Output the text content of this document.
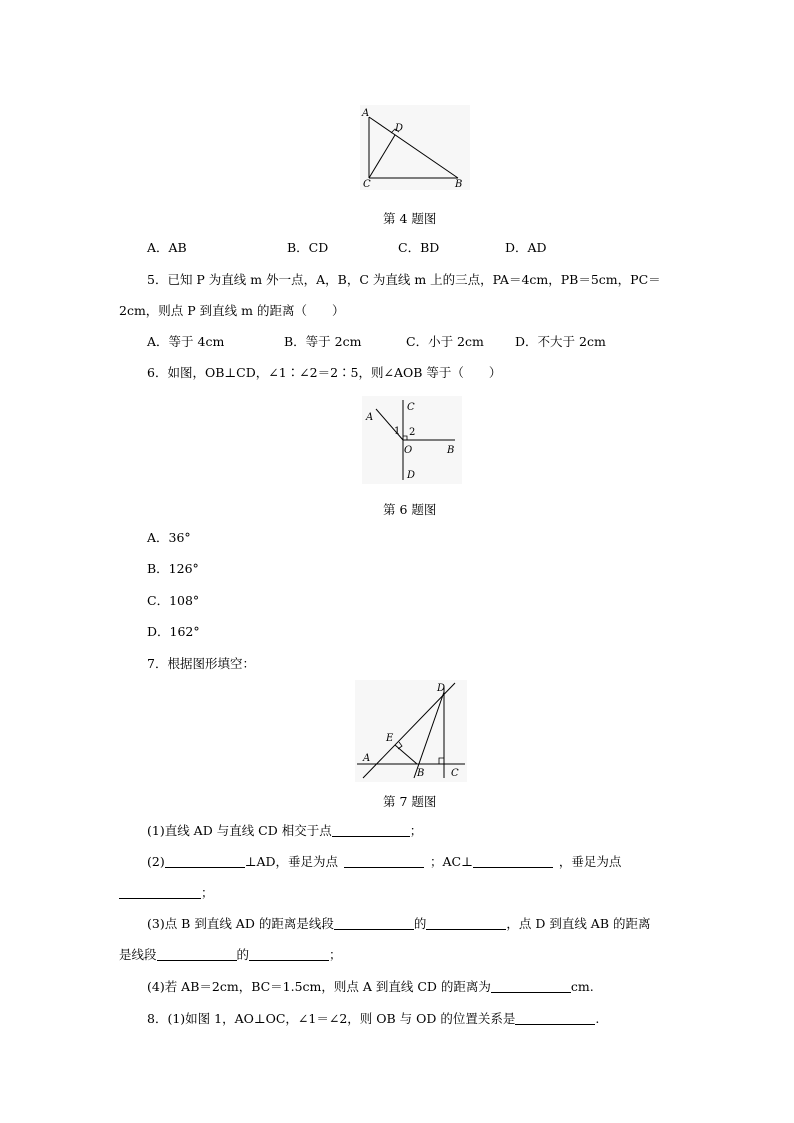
A
D
C	B
第 4 题图
A．AB	B．CD	C．BD	D．AD
5．已知 P 为直线 m 外一点，A，B，C 为直线 m 上的三点，PA＝4cm，PB＝5cm，PC＝
2cm，则点 P 到直线 m 的距离（　　）
A．等于 4cm	B．等于 2cm	C．小于 2cm D．不大于 2cm
6．如图，OB⊥CD，∠1∶∠2＝2∶5，则∠AOB 等于（　　）
A
C
1 2
O	B
D
第 6 题图
A．36°
B．126°
C．108°
D．162°
7．根据图形填空：
D
E
A
B	C
第 7 题图
(1)直线 AD 与直线 CD 相交于点	；
(2)	⊥AD，垂足为点	；AC⊥	，垂足为点
；
(3)点 B 到直线 AD 的距离是线段	的	，点 D 到直线 AB 的距离
是线段	的	；
(4)若 AB＝2cm，BC＝1.5cm，则点 A 到直线 CD 的距离为	cm.
8．(1)如图 1，AO⊥OC，∠1＝∠2，则 OB 与 OD 的位置关系是	.
